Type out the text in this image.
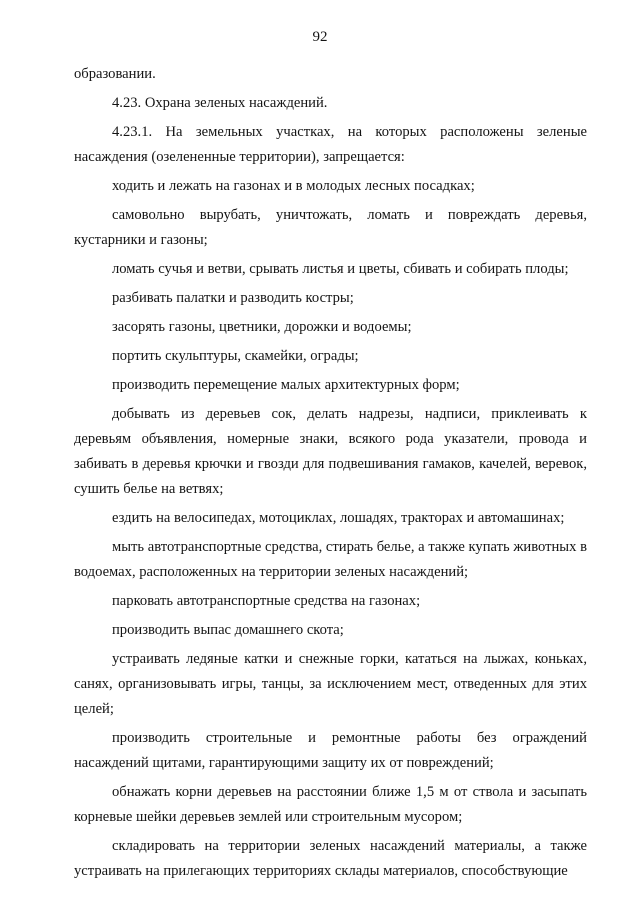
92

образовании.

4.23. Охрана зеленых насаждений.

4.23.1. На земельных участках, на которых расположены зеленые насаждения (озелененные территории), запрещается:

ходить и лежать на газонах и в молодых лесных посадках;

самовольно вырубать, уничтожать, ломать и повреждать деревья, кустарники и газоны;

ломать сучья и ветви, срывать листья и цветы, сбивать и собирать плоды;

разбивать палатки и разводить костры;

засорять газоны, цветники, дорожки и водоемы;

портить скульптуры, скамейки, ограды;

производить перемещение малых архитектурных форм;

добывать из деревьев сок, делать надрезы, надписи, приклеивать к деревьям объявления, номерные знаки, всякого рода указатели, провода и забивать в деревья крючки и гвозди для подвешивания гамаков, качелей, веревок, сушить белье на ветвях;

ездить на велосипедах, мотоциклах, лошадях, тракторах и автомашинах;

мыть автотранспортные средства, стирать белье, а также купать животных в водоемах, расположенных на территории зеленых насаждений;

парковать автотранспортные средства на газонах;

производить выпас домашнего скота;

устраивать ледяные катки и снежные горки, кататься на лыжах, коньках, санях, организовывать игры, танцы, за исключением мест, отведенных для этих целей;

производить строительные и ремонтные работы без ограждений насаждений щитами, гарантирующими защиту их от повреждений;

обнажать корни деревьев на расстоянии ближе 1,5 м от ствола и засыпать корневые шейки деревьев землей или строительным мусором;

складировать на территории зеленых насаждений материалы, а также устраивать на прилегающих территориях склады материалов, способствующие
